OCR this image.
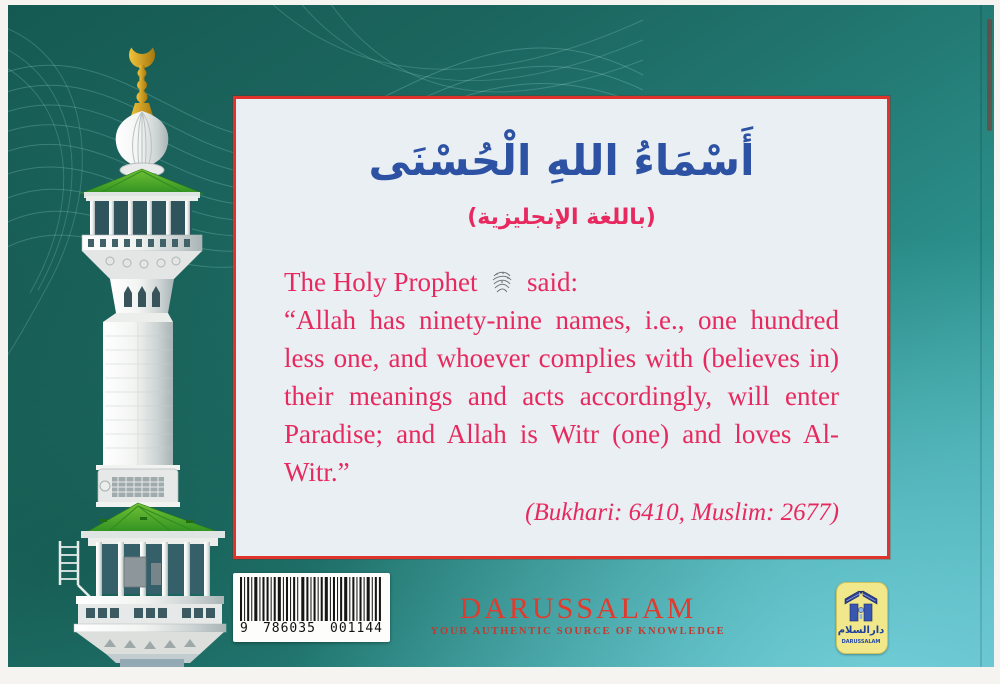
أَسْمَاءُ اللهِ الْحُسْنَى
(باللغة الإنجليزية)
The Holy Prophet said:
“Allah has ninety-nine names, i.e., one hundred less one, and whoever complies with (believes in) their meanings and acts accordingly, will enter Paradise; and Allah is Witr (one) and loves Al-Witr.”
(Bukhari: 6410, Muslim: 2677)
9 786035 001144
DARUSSALAM
YOUR AUTHENTIC SOURCE OF KNOWLEDGE	دارالسلام
DARUSSALAM
